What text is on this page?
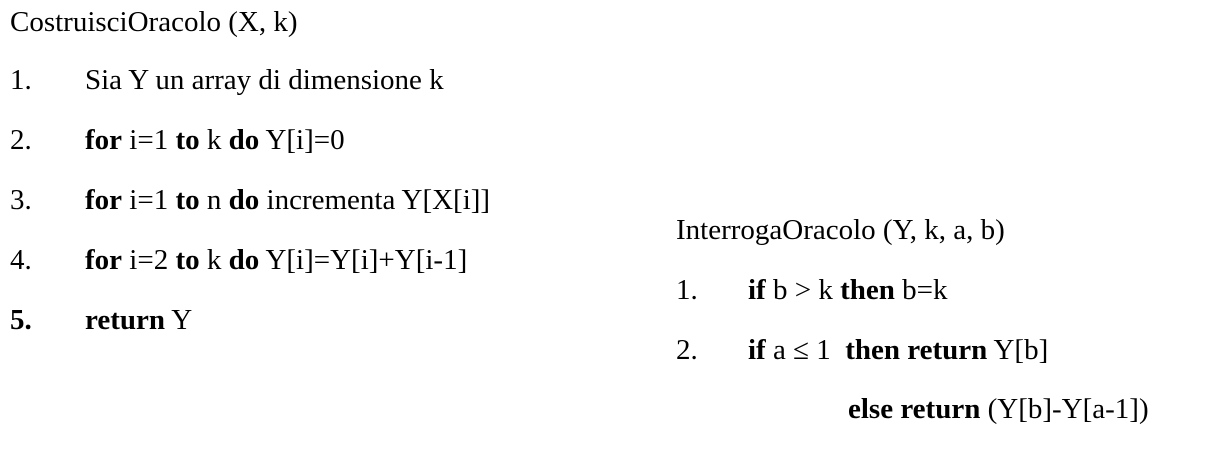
CostruisciOracolo (X, k)
1. Sia Y un array di dimensione k
2. for i=1 to k do Y[i]=0
3. for i=1 to n do incrementa Y[X[i]]
4. for i=2 to k do Y[i]=Y[i]+Y[i-1]
5. return Y
InterrogaOracolo (Y, k, a, b)
1. if b > k then b=k
2. if a ≤ 1  then return Y[b]
else return (Y[b]-Y[a-1])
